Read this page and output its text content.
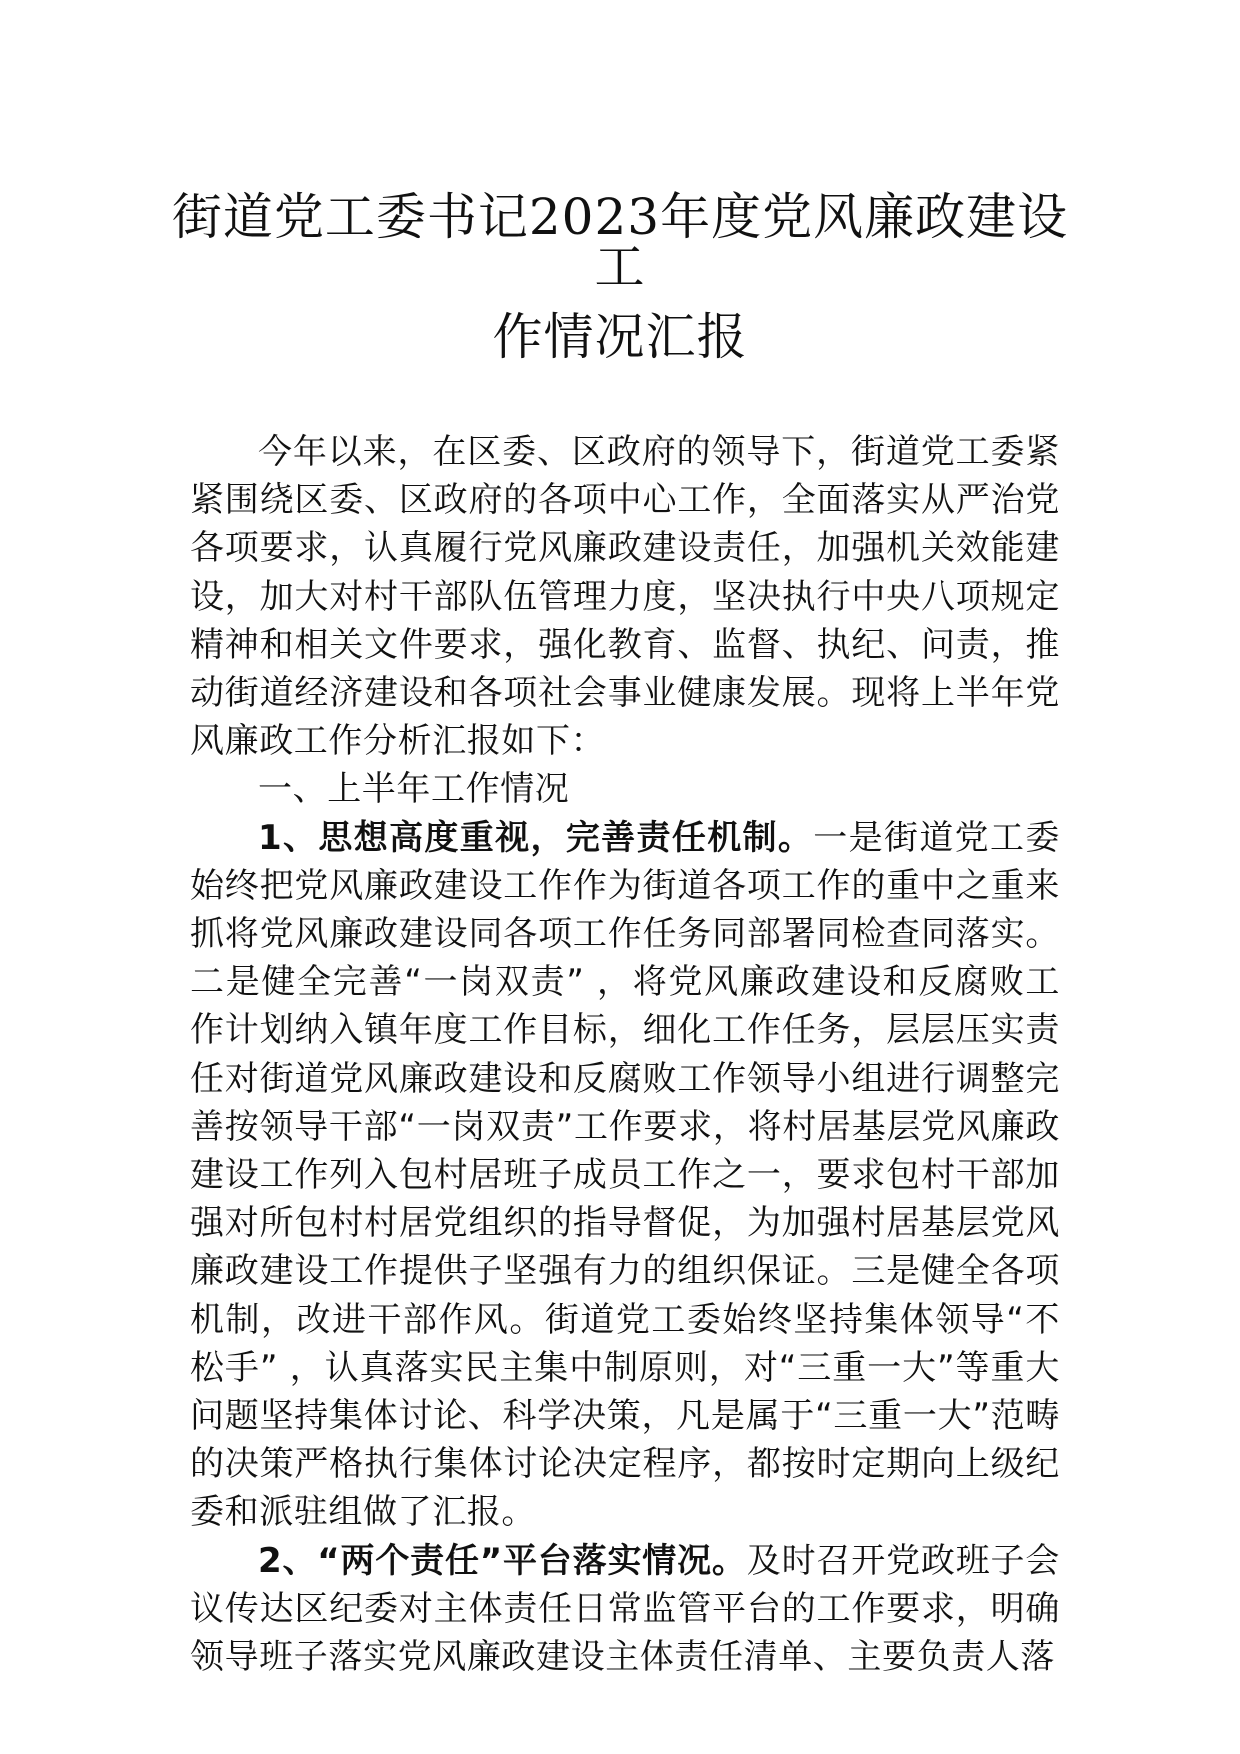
街道党工委书记2023年度党风廉政建设工
作情况汇报

今年以来，在区委、区政府的领导下，街道党工委紧紧围绕区委、区政府的各项中心工作，全面落实从严治党各项要求，认真履行党风廉政建设责任，加强机关效能建设，加大对村干部队伍管理力度，坚决执行中央八项规定精神和相关文件要求，强化教育、监督、执纪、问责，推动街道经济建设和各项社会事业健康发展。现将上半年党风廉政工作分析汇报如下：

一、上半年工作情况

1、思想高度重视，完善责任机制。一是街道党工委始终把党风廉政建设工作作为街道各项工作的重中之重来抓将党风廉政建设同各项工作任务同部署同检查同落实。二是健全完善“一岗双责” ，将党风廉政建设和反腐败工作计划纳入镇年度工作目标，细化工作任务，层层压实责任对街道党风廉政建设和反腐败工作领导小组进行调整完善按领导干部“一岗双责”工作要求，将村居基层党风廉政建设工作列入包村居班子成员工作之一，要求包村干部加强对所包村村居党组织的指导督促，为加强村居基层党风廉政建设工作提供子坚强有力的组织保证。三是健全各项机制，改进干部作风。街道党工委始终坚持集体领导“不松手” ，认真落实民主集中制原则，对“三重一大”等重大问题坚持集体讨论、科学决策，凡是属于“三重一大”范畴的决策严格执行集体讨论决定程序，都按时定期向上级纪委和派驻组做了汇报。

2、“两个责任”平台落实情况。及时召开党政班子会议传达区纪委对主体责任日常监管平台的工作要求，明确领导班子落实党风廉政建设主体责任清单、主要负责人落
